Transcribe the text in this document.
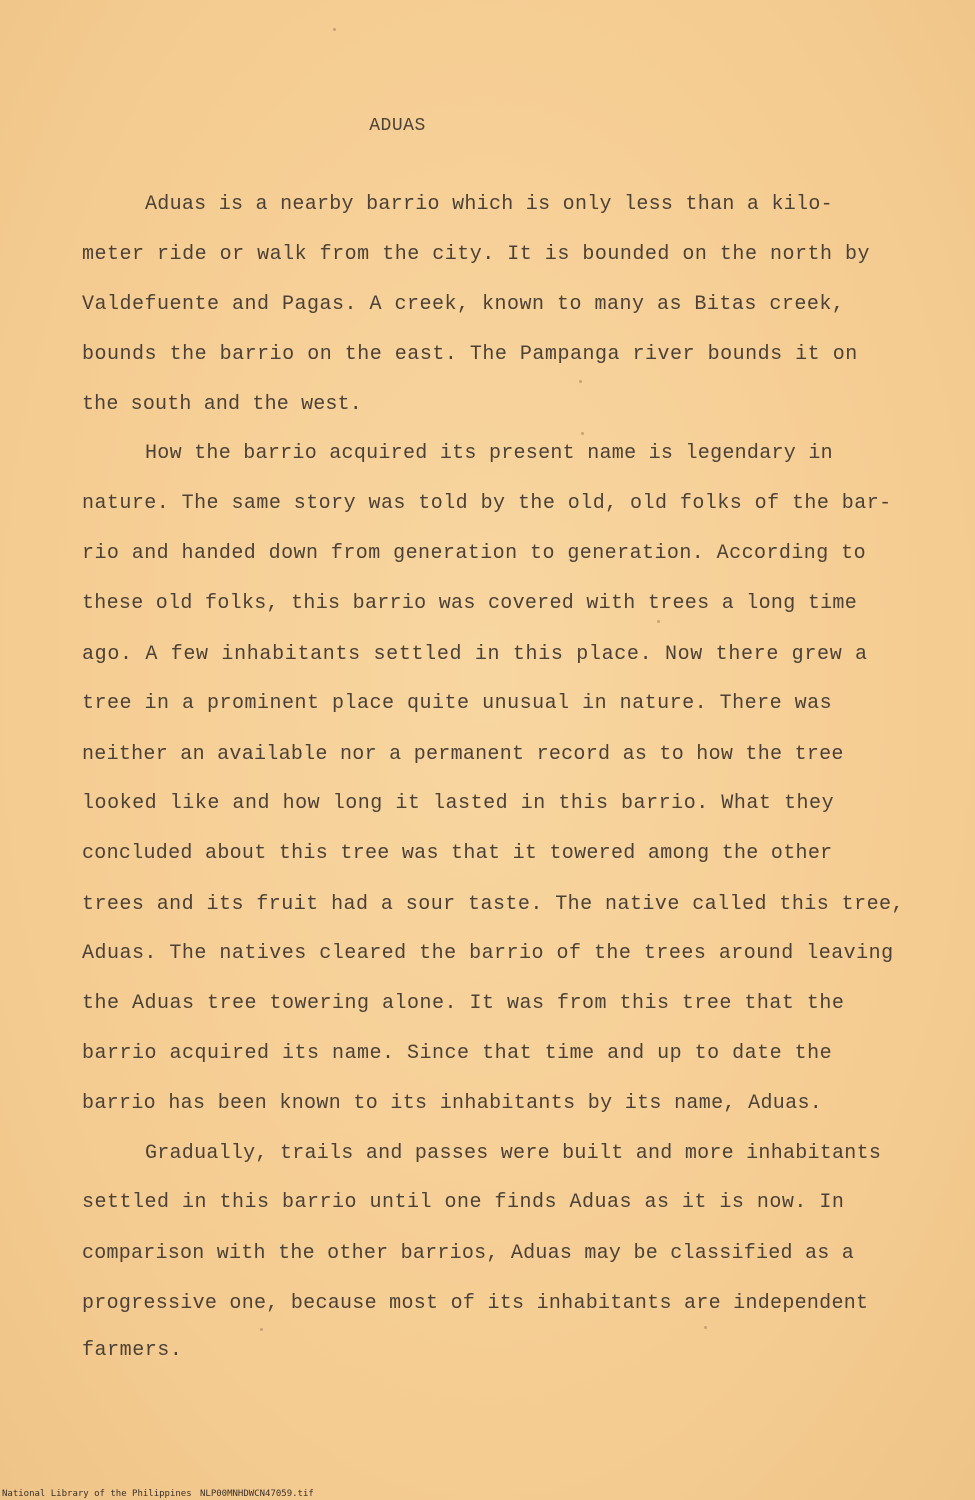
ADUAS
Aduas is a nearby barrio which is only less than a kilo-
meter ride or walk from the city. It is bounded on the north by
Valdefuente and Pagas. A creek, known to many as Bitas creek,
bounds the barrio on the east. The Pampanga river bounds it on
the south and the west.
How the barrio acquired its present name is legendary in
nature. The same story was told by the old, old folks of the bar-
rio and handed down from generation to generation. According to
these old folks, this barrio was covered with trees a long time
ago. A few inhabitants settled in this place. Now there grew a
tree in a prominent place quite unusual in nature. There was
neither an available nor a permanent record as to how the tree
looked like and how long it lasted in this barrio. What they
concluded about this tree was that it towered among the other
trees and its fruit had a sour taste. The native called this tree,
Aduas. The natives cleared the barrio of the trees around leaving
the Aduas tree towering alone. It was from this tree that the
barrio acquired its name. Since that time and up to date the
barrio has been known to its inhabitants by its name, Aduas.
Gradually, trails and passes were built and more inhabitants
settled in this barrio until one finds Aduas as it is now. In
comparison with the other barrios, Aduas may be classified as a
progressive one, because most of its inhabitants are independent
farmers.
National Library of the Philippines NLP00MNHDWCN47059.tif
